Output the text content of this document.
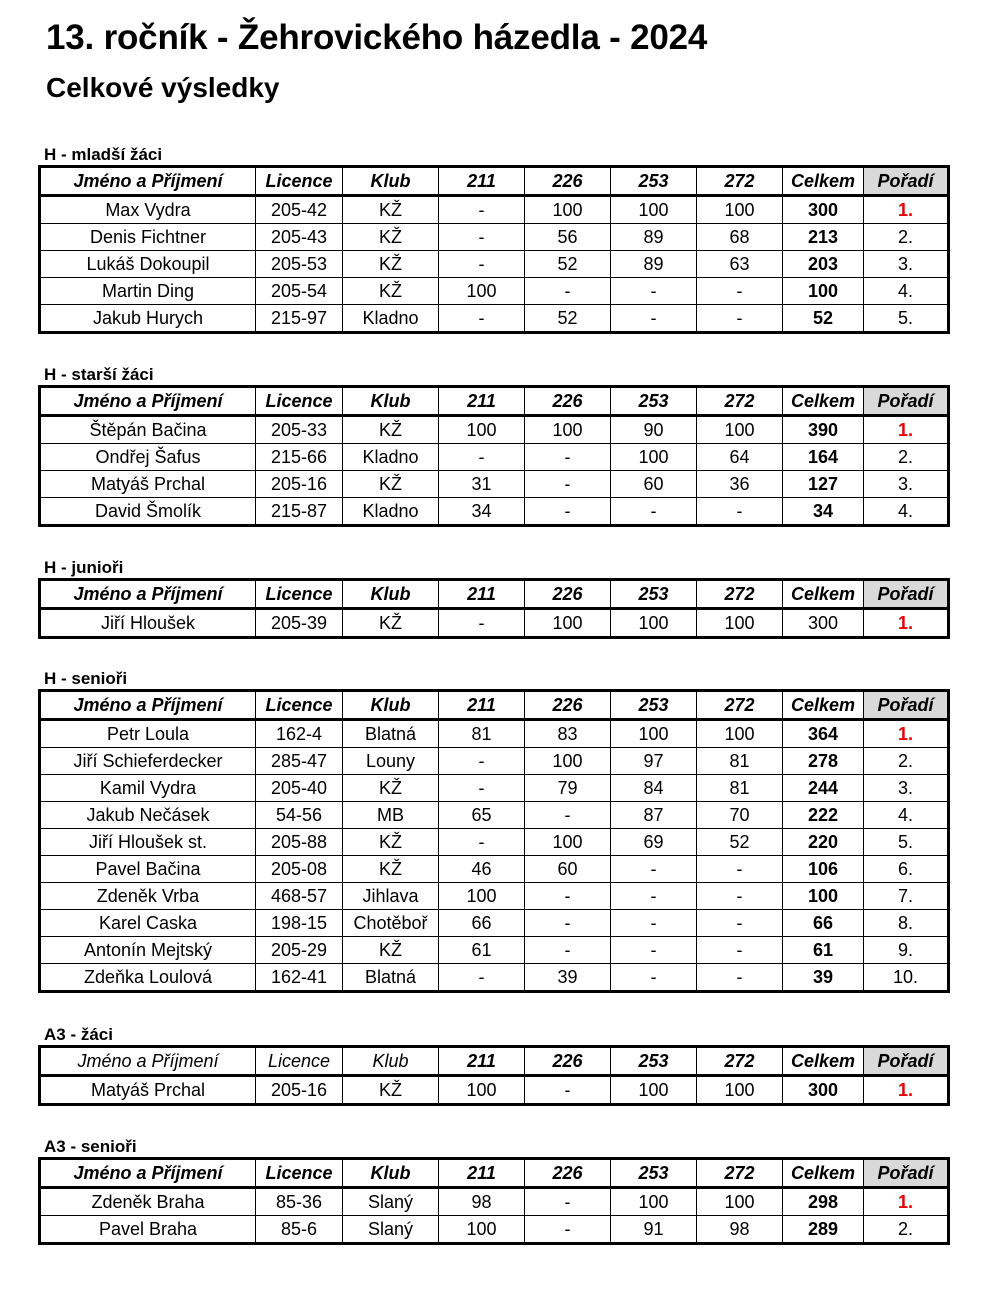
13. ročník - Žehrovického házedla - 2024
Celkové výsledky
H - mladší žáci
Jméno a Příjmení	Licence	Klub	211	226	253	272	Celkem	Pořadí
Max Vydra	205-42	KŽ	-	100	100	100	300	1.
Denis Fichtner	205-43	KŽ	-	56	89	68	213	2.
Lukáš Dokoupil	205-53	KŽ	-	52	89	63	203	3.
Martin Ding	205-54	KŽ	100	-	-	-	100	4.
Jakub Hurych	215-97	Kladno	-	52	-	-	52	5.
H - starší žáci
Jméno a Příjmení	Licence	Klub	211	226	253	272	Celkem	Pořadí
Štěpán Bačina	205-33	KŽ	100	100	90	100	390	1.
Ondřej Šafus	215-66	Kladno	-	-	100	64	164	2.
Matyáš Prchal	205-16	KŽ	31	-	60	36	127	3.
David Šmolík	215-87	Kladno	34	-	-	-	34	4.
H - junioři
Jméno a Příjmení	Licence	Klub	211	226	253	272	Celkem	Pořadí
Jiří Hloušek	205-39	KŽ	-	100	100	100	300	1.
H - senioři
Jméno a Příjmení	Licence	Klub	211	226	253	272	Celkem	Pořadí
Petr Loula	162-4	Blatná	81	83	100	100	364	1.
Jiří Schieferdecker	285-47	Louny	-	100	97	81	278	2.
Kamil Vydra	205-40	KŽ	-	79	84	81	244	3.
Jakub Nečásek	54-56	MB	65	-	87	70	222	4.
Jiří Hloušek st.	205-88	KŽ	-	100	69	52	220	5.
Pavel Bačina	205-08	KŽ	46	60	-	-	106	6.
Zdeněk Vrba	468-57	Jihlava	100	-	-	-	100	7.
Karel Caska	198-15	Chotěboř	66	-	-	-	66	8.
Antonín Mejtský	205-29	KŽ	61	-	-	-	61	9.
Zdeňka Loulová	162-41	Blatná	-	39	-	-	39	10.
A3 - žáci
Jméno a Příjmení	Licence	Klub	211	226	253	272	Celkem	Pořadí
Matyáš Prchal	205-16	KŽ	100	-	100	100	300	1.
A3 - senioři
Jméno a Příjmení	Licence	Klub	211	226	253	272	Celkem	Pořadí
Zdeněk Braha	85-36	Slaný	98	-	100	100	298	1.
Pavel Braha	85-6	Slaný	100	-	91	98	289	2.
